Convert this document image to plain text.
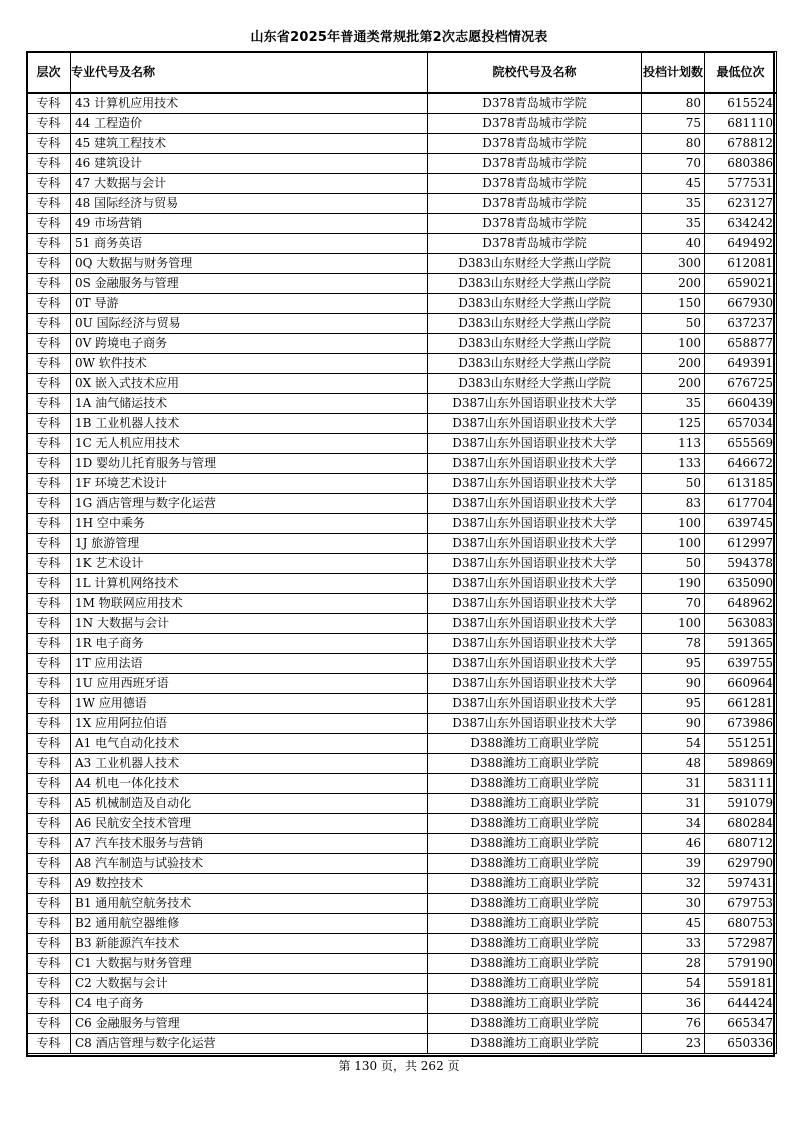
山东省2025年普通类常规批第2次志愿投档情况表
层次	专业代号及名称	院校代号及名称	投档计划数	最低位次
专科	43 计算机应用技术	D378青岛城市学院	80	615524
专科	44 工程造价	D378青岛城市学院	75	681110
专科	45 建筑工程技术	D378青岛城市学院	80	678812
专科	46 建筑设计	D378青岛城市学院	70	680386
专科	47 大数据与会计	D378青岛城市学院	45	577531
专科	48 国际经济与贸易	D378青岛城市学院	35	623127
专科	49 市场营销	D378青岛城市学院	35	634242
专科	51 商务英语	D378青岛城市学院	40	649492
专科	0Q 大数据与财务管理	D383山东财经大学燕山学院	300	612081
专科	0S 金融服务与管理	D383山东财经大学燕山学院	200	659021
专科	0T 导游	D383山东财经大学燕山学院	150	667930
专科	0U 国际经济与贸易	D383山东财经大学燕山学院	50	637237
专科	0V 跨境电子商务	D383山东财经大学燕山学院	100	658877
专科	0W 软件技术	D383山东财经大学燕山学院	200	649391
专科	0X 嵌入式技术应用	D383山东财经大学燕山学院	200	676725
专科	1A 油气储运技术	D387山东外国语职业技术大学	35	660439
专科	1B 工业机器人技术	D387山东外国语职业技术大学	125	657034
专科	1C 无人机应用技术	D387山东外国语职业技术大学	113	655569
专科	1D 婴幼儿托育服务与管理	D387山东外国语职业技术大学	133	646672
专科	1F 环境艺术设计	D387山东外国语职业技术大学	50	613185
专科	1G 酒店管理与数字化运营	D387山东外国语职业技术大学	83	617704
专科	1H 空中乘务	D387山东外国语职业技术大学	100	639745
专科	1J 旅游管理	D387山东外国语职业技术大学	100	612997
专科	1K 艺术设计	D387山东外国语职业技术大学	50	594378
专科	1L 计算机网络技术	D387山东外国语职业技术大学	190	635090
专科	1M 物联网应用技术	D387山东外国语职业技术大学	70	648962
专科	1N 大数据与会计	D387山东外国语职业技术大学	100	563083
专科	1R 电子商务	D387山东外国语职业技术大学	78	591365
专科	1T 应用法语	D387山东外国语职业技术大学	95	639755
专科	1U 应用西班牙语	D387山东外国语职业技术大学	90	660964
专科	1W 应用德语	D387山东外国语职业技术大学	95	661281
专科	1X 应用阿拉伯语	D387山东外国语职业技术大学	90	673986
专科	A1 电气自动化技术	D388潍坊工商职业学院	54	551251
专科	A3 工业机器人技术	D388潍坊工商职业学院	48	589869
专科	A4 机电一体化技术	D388潍坊工商职业学院	31	583111
专科	A5 机械制造及自动化	D388潍坊工商职业学院	31	591079
专科	A6 民航安全技术管理	D388潍坊工商职业学院	34	680284
专科	A7 汽车技术服务与营销	D388潍坊工商职业学院	46	680712
专科	A8 汽车制造与试验技术	D388潍坊工商职业学院	39	629790
专科	A9 数控技术	D388潍坊工商职业学院	32	597431
专科	B1 通用航空航务技术	D388潍坊工商职业学院	30	679753
专科	B2 通用航空器维修	D388潍坊工商职业学院	45	680753
专科	B3 新能源汽车技术	D388潍坊工商职业学院	33	572987
专科	C1 大数据与财务管理	D388潍坊工商职业学院	28	579190
专科	C2 大数据与会计	D388潍坊工商职业学院	54	559181
专科	C4 电子商务	D388潍坊工商职业学院	36	644424
专科	C6 金融服务与管理	D388潍坊工商职业学院	76	665347
专科	C8 酒店管理与数字化运营	D388潍坊工商职业学院	23	650336
第 130 页，共 262 页
